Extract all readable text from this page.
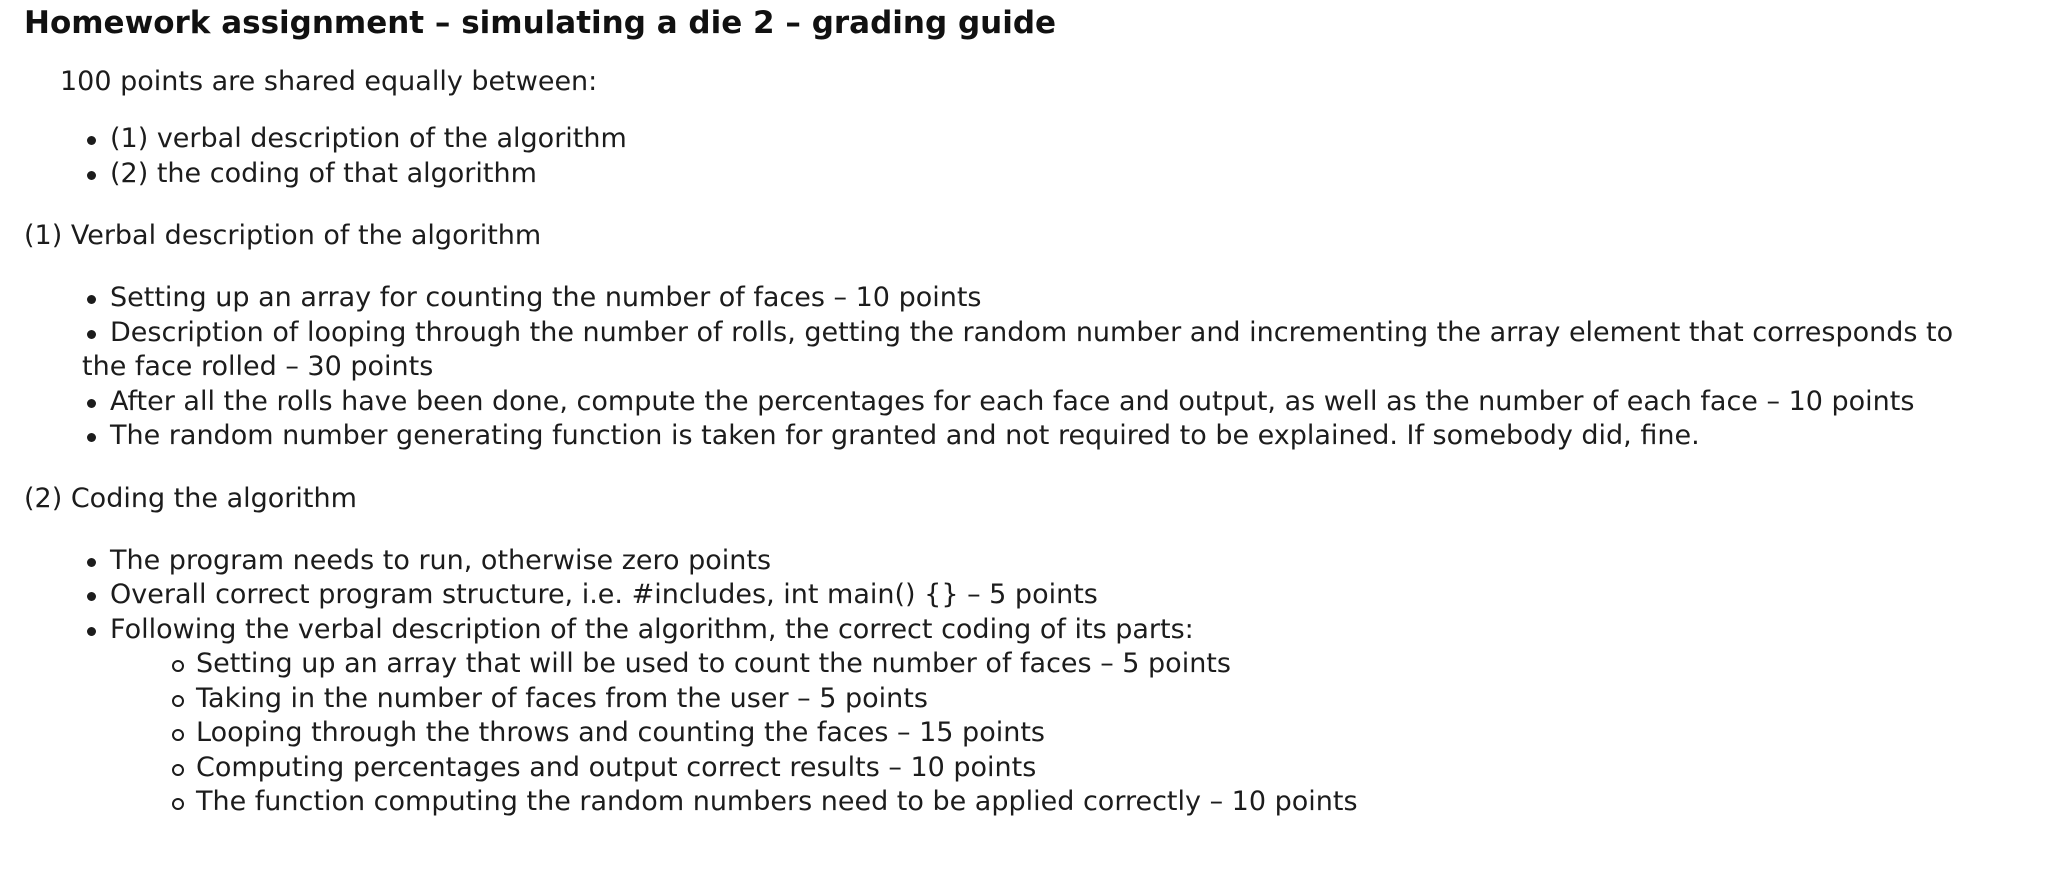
Homework assignment – simulating a die 2 – grading guide

100 points are shared equally between:

(1) verbal description of the algorithm
(2) the coding of that algorithm
(1) Verbal description of the algorithm
Setting up an array for counting the number of faces – 10 points
Description of looping through the number of rolls, getting the random number and incrementing the array element that corresponds to
the face rolled – 30 points
After all the rolls have been done, compute the percentages for each face and output, as well as the number of each face – 10 points
The random number generating function is taken for granted and not required to be explained. If somebody did, fine.
(2) Coding the algorithm
The program needs to run, otherwise zero points
Overall correct program structure, i.e. #includes, int main() {} – 5 points
Following the verbal description of the algorithm, the correct coding of its parts:
Setting up an array that will be used to count the number of faces – 5 points
Taking in the number of faces from the user – 5 points
Looping through the throws and counting the faces – 15 points
Computing percentages and output correct results – 10 points
The function computing the random numbers need to be applied correctly – 10 points
